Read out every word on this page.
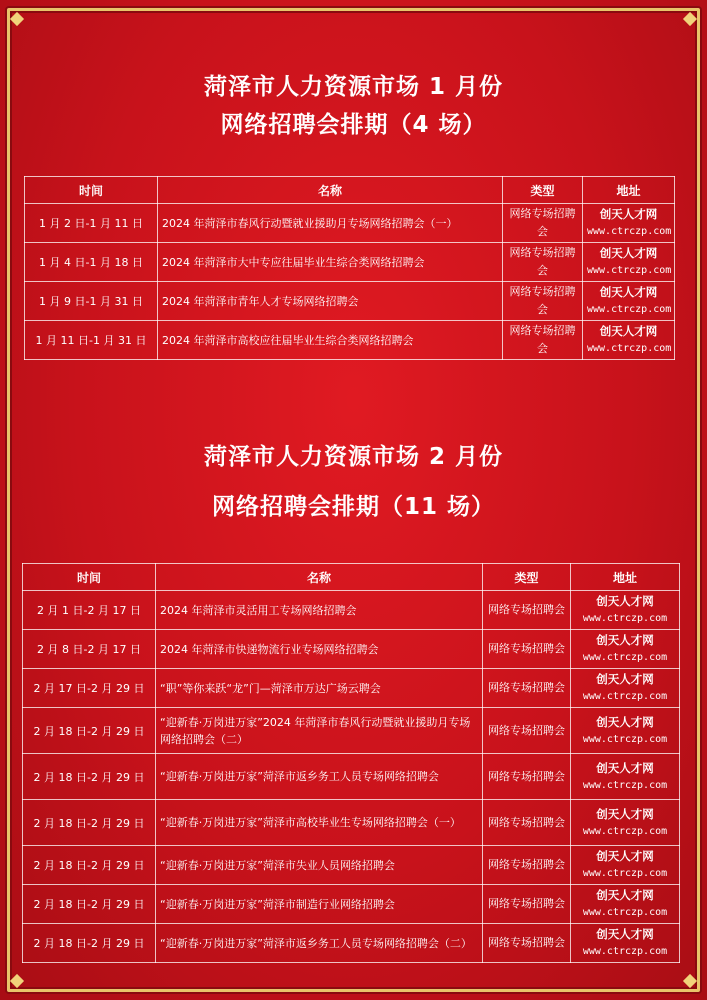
菏泽市人力资源市场 1 月份
网络招聘会排期（4 场）
时间	名称	类型	地址
1 月 2 日-1 月 11 日	2024 年菏泽市春风行动暨就业援助月专场网络招聘会（一）	网络专场招聘会	创天人才网
www.ctrczp.com

1 月 4 日-1 月 18 日	2024 年菏泽市大中专应往届毕业生综合类网络招聘会	网络专场招聘会	创天人才网
www.ctrczp.com

1 月 9 日-1 月 31 日	2024 年菏泽市青年人才专场网络招聘会	网络专场招聘会	创天人才网
www.ctrczp.com

1 月 11 日-1 月 31 日	2024 年菏泽市高校应往届毕业生综合类网络招聘会	网络专场招聘会	创天人才网
www.ctrczp.com
菏泽市人力资源市场 2 月份
网络招聘会排期（11 场）
时间	名称	类型	地址
2 月 1 日-2 月 17 日	2024 年菏泽市灵活用工专场网络招聘会	网络专场招聘会	创天人才网
www.ctrczp.com

2 月 8 日-2 月 17 日	2024 年菏泽市快递物流行业专场网络招聘会	网络专场招聘会	创天人才网
www.ctrczp.com

2 月 17 日-2 月 29 日	“职”等你来跃“龙”门—菏泽市万达广场云聘会	网络专场招聘会	创天人才网
www.ctrczp.com

2 月 18 日-2 月 29 日	“迎新春·万岗进万家”2024 年菏泽市春风行动暨就业援助月专场网络招聘会（二）	网络专场招聘会	创天人才网
www.ctrczp.com

2 月 18 日-2 月 29 日	“迎新春·万岗进万家”菏泽市返乡务工人员专场网络招聘会	网络专场招聘会	创天人才网
www.ctrczp.com

2 月 18 日-2 月 29 日	“迎新春·万岗进万家”菏泽市高校毕业生专场网络招聘会（一）	网络专场招聘会	创天人才网
www.ctrczp.com

2 月 18 日-2 月 29 日	“迎新春·万岗进万家”菏泽市失业人员网络招聘会	网络专场招聘会	创天人才网
www.ctrczp.com

2 月 18 日-2 月 29 日	“迎新春·万岗进万家”菏泽市制造行业网络招聘会	网络专场招聘会	创天人才网
www.ctrczp.com

2 月 18 日-2 月 29 日	“迎新春·万岗进万家”菏泽市返乡务工人员专场网络招聘会（二）	网络专场招聘会	创天人才网
www.ctrczp.com
